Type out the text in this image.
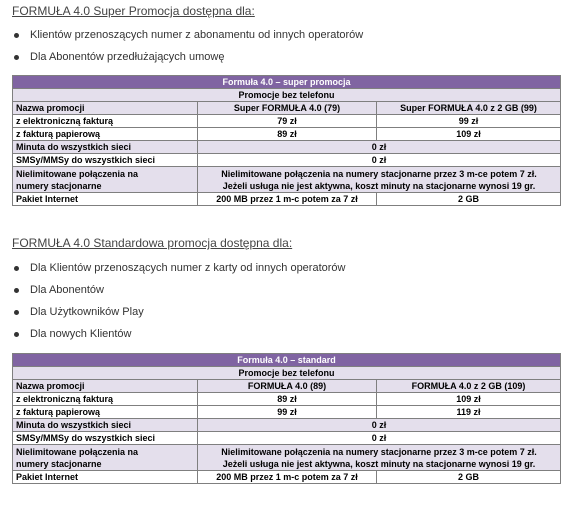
FORMUŁA 4.0 Super Promocja dostępna dla:

Klientów przenoszących numer z abonamentu od innych operatorów
Dla Abonentów przedłużających umowę
Formuła 4.0 – super promocja		
Promocje bez telefonu		
Nazwa promocji	Super FORMUŁA 4.0 (79)	Super FORMUŁA 4.0 z 2 GB (99)
z elektroniczną fakturą	79 zł	99 zł
z fakturą papierową	89 zł	109 zł
Minuta do wszystkich sieci	0 zł	
SMSy/MMSy do wszystkich sieci	0 zł	

Nielimitowane połączenia na
numery stacjonarne	Nielimitowane połączenia na numery stacjonarne przez 3 m-ce potem 7 zł.
Jeżeli usługa nie jest aktywna, koszt minuty na stacjonarne wynosi 19 gr.	

Pakiet Internet	200 MB przez 1 m-c potem za 7 zł	2 GB

FORMUŁA 4.0 Standardowa promocja dostępna dla:

Dla Klientów przenoszących numer z karty od innych operatorów
Dla Abonentów
Dla Użytkowników Play
Dla nowych Klientów
Formuła 4.0 – standard		
Promocje bez telefonu		
Nazwa promocji	FORMUŁA 4.0 (89)	FORMUŁA 4.0 z 2 GB (109)
z elektroniczną fakturą	89 zł	109 zł
z fakturą papierową	99 zł	119 zł
Minuta do wszystkich sieci	0 zł	
SMSy/MMSy do wszystkich sieci	0 zł	

Nielimitowane połączenia na
numery stacjonarne	Nielimitowane połączenia na numery stacjonarne przez 3 m-ce potem 7 zł.
Jeżeli usługa nie jest aktywna, koszt minuty na stacjonarne wynosi 19 gr.	

Pakiet Internet	200 MB przez 1 m-c potem za 7 zł	2 GB
